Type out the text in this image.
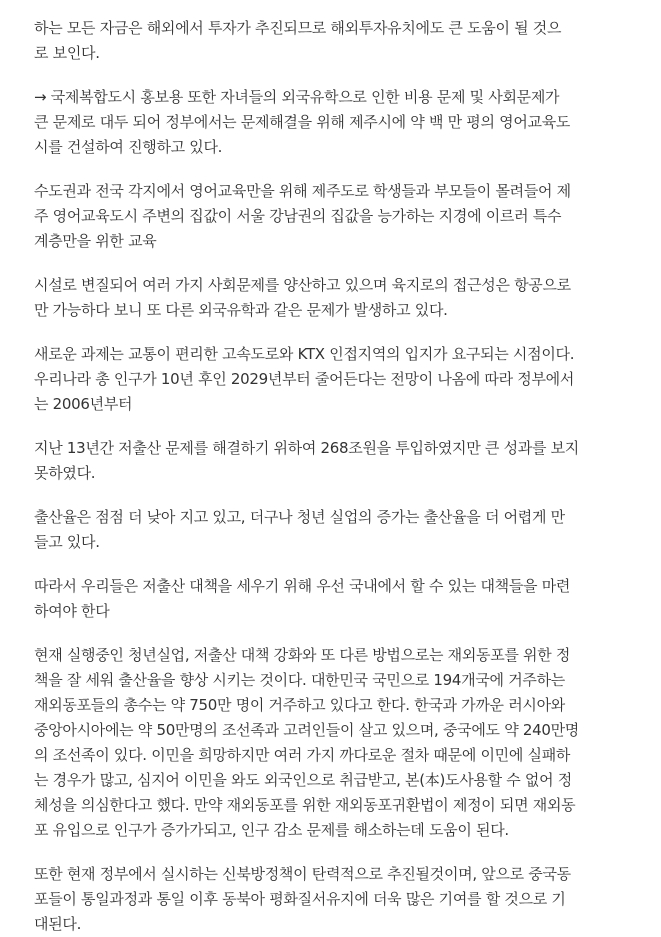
하는 모든 자금은 해외에서 투자가 추진되므로 해외투자유치에도 큰 도움이 될 것으
로 보인다.

→ 국제복합도시 홍보용 또한 자녀들의 외국유학으로 인한 비용 문제 및 사회문제가
큰 문제로 대두 되어 정부에서는 문제해결을 위해 제주시에 약 백 만 평의 영어교육도
시를 건설하여 진행하고 있다.

수도권과 전국 각지에서 영어교육만을 위해 제주도로 학생들과 부모들이 몰려들어 제
주 영어교육도시 주변의 집값이 서울 강남권의 집값을 능가하는 지경에 이르러 특수
계층만을 위한 교육

시설로 변질되어 여러 가지 사회문제를 양산하고 있으며 육지로의 접근성은 항공으로
만 가능하다 보니 또 다른 외국유학과 같은 문제가 발생하고 있다.

새로운 과제는 교통이 편리한 고속도로와 KTX 인접지역의 입지가 요구되는 시점이다.
우리나라 총 인구가 10년 후인 2029년부터 줄어든다는 전망이 나옴에 따라 정부에서
는 2006년부터

지난 13년간 저출산 문제를 해결하기 위하여 268조원을 투입하였지만 큰 성과를 보지
못하였다.

출산율은 점점 더 낮아 지고 있고, 더구나 청년 실업의 증가는 출산율을 더 어렵게 만
들고 있다.

따라서 우리들은 저출산 대책을 세우기 위해 우선 국내에서 할 수 있는 대책들을 마련
하여야 한다

현재 실행중인 청년실업, 저출산 대책 강화와 또 다른 방법으로는 재외동포를 위한 정
책을 잘 세워 출산율을 향상 시키는 것이다. 대한민국 국민으로 194개국에 거주하는
재외동포들의 총수는 약 750만 명이 거주하고 있다고 한다. 한국과 가까운 러시아와
중앙아시아에는 약 50만명의 조선족과 고려인들이 살고 있으며, 중국에도 약 240만명
의 조선족이 있다. 이민을 희망하지만 여러 가지 까다로운 절차 때문에 이민에 실패하
는 경우가 많고, 심지어 이민을 와도 외국인으로 취급받고, 본(本)도사용할 수 없어 정
체성을 의심한다고 했다. 만약 재외동포를 위한 재외동포귀환법이 제정이 되면 재외동
포 유입으로 인구가 증가가되고, 인구 감소 문제를 해소하는데 도움이 된다.

또한 현재 정부에서 실시하는 신북방정책이 탄력적으로 추진될것이며, 앞으로 중국동
포들이 통일과정과 통일 이후 동북아 평화질서유지에 더욱 많은 기여를 할 것으로 기
대된다.
